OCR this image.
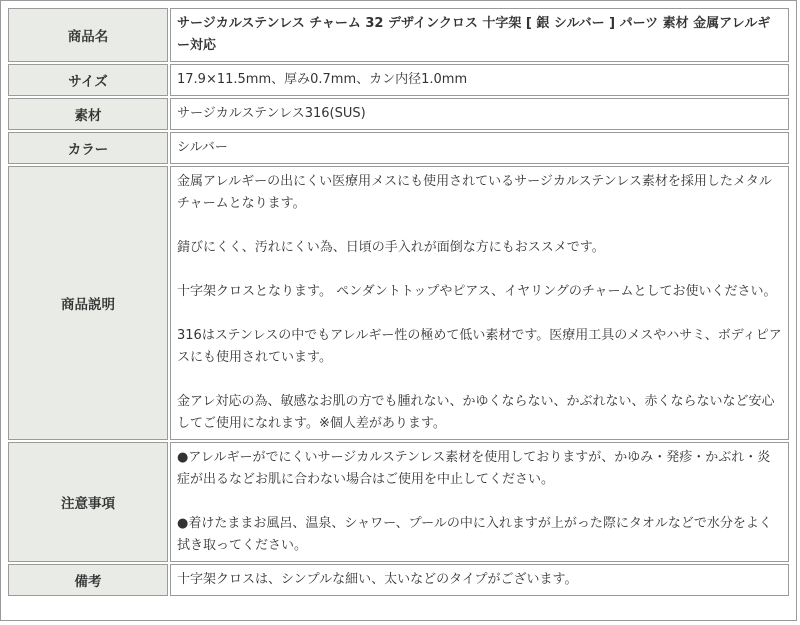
商品名	サージカルステンレス チャーム 32 デザインクロス 十字架 [ 銀 シルバー ] パーツ 素材 金属アレルギー対応
サイズ	17.9×11.5mm、厚み0.7mm、カン内径1.0mm
素材	サージカルステンレス316(SUS)
カラー	シルバー
商品説明	金属アレルギーの出にくい医療用メスにも使用されているサージカルステンレス素材を採用したメタルチャームとなります。

錆びにくく、汚れにくい為、日頃の手入れが面倒な方にもおススメです。

十字架クロスとなります。 ペンダントトップやピアス、イヤリングのチャームとしてお使いください。

316はステンレスの中でもアレルギー性の極めて低い素材です。医療用工具のメスやハサミ、ボディピアスにも使用されています。

金アレ対応の為、敏感なお肌の方でも腫れない、かゆくならない、かぶれない、赤くならないなど安心してご使用になれます。※個人差があります。

注意事項	●アレルギーがでにくいサージカルステンレス素材を使用しておりますが、かゆみ・発疹・かぶれ・炎症が出るなどお肌に合わない場合はご使用を中止してください。

●着けたままお風呂、温泉、シャワー、プールの中に入れますが上がった際にタオルなどで水分をよく拭き取ってください。

備考	十字架クロスは、シンプルな細い、太いなどのタイプがございます。
